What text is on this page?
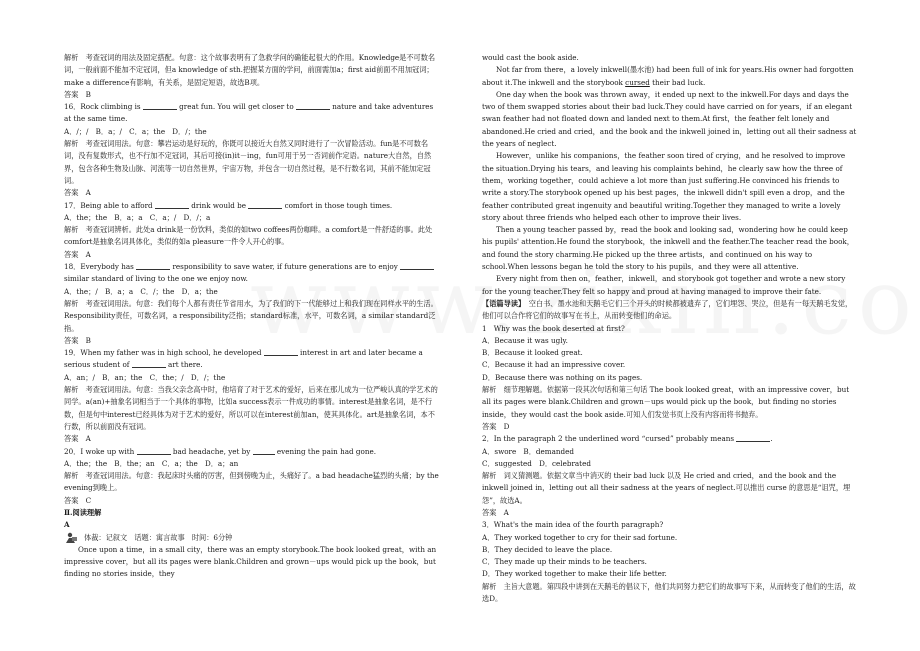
解析　考查冠词的用法及固定搭配。句意：这个故事表明有了急救学问的确能起很大的作用。Knowledge是不可数名词，一般前面不能加不定冠词，但a knowledge of sth.把握某方面的学问，前面需加a；first aid前面不用加冠词；make a difference有影响，有关系，是固定短语，故选B项。

答案　B

16．Rock climbing is	great fun. You will get closer to	nature and take adventures at the same time.

A．/；/　B．a；/　C．a；the　D．/；the

解析　考查冠词用法。句意：攀岩运动是好玩的，你既可以接近大自然又同时进行了一次冒险活动。fun是不可数名词，没有复数形式，也不行加不定冠词，其后可接(in)it－ing，fun可用于另一否词前作定语。nature大自然，自然界，包含各种生物及山脉、河流等一切自然世界，宇宙万物，并包含一切自然过程，是不行数名词，其前不能加定冠词。

答案　A

17．Being able to afford	drink would be	comfort in those tough times.

A．the；the　B．a；a　C．a；/　D．/；a

解析　考查冠词辨析。此处a drink是一份饮料，类似的如two coffees两份咖啡。a comfort是一件舒适的事。此处comfort是抽象名词具体化，类似的如a pleasure一件令人开心的事。

答案　A

18．Everybody has	responsibility to save water, if future generations are to enjoy  similar standard of living to the one we enjoy now.

A．the；/　B．a；a　C．/；the　D．a；the

解析　考查冠词用法。句意：我们每个人都有责任节省用水，为了我们的下一代能够过上和我们现在同样水平的生活。Responsibility责任，可数名词，a responsibility泛指；standard标准，水平，可数名词，a similar standard泛指。

答案　B

19．When my father was in high school, he developed	interest in art and later became a serious student of	art there.

A．an；/　B．an；the　C．the；/　D．/；the

解析　考查冠词用法。句意：当我父亲念高中时，他培育了对于艺术的爱好，后来在那儿成为一位严峻认真的学艺术的同学。a(an)+抽象名词相当于一个具体的事物，比如a success表示一件成功的事情。interest是抽象名词，是不行数，但是句中interest已经具体为对于艺术的爱好，所以可以在interest前加an，使其具体化。art是抽象名词，本不行数，所以前面没有冠词。

答案　A

20．I woke up with	bad headache, yet by	evening the pain had gone.

A．the；the　B．the；an　C．a；the　D．a；an

解析　考查冠词用法。句意：我起床时头痛的厉害，但到傍晚为止，头痛好了。a bad headache猛烈的头痛；by the evening到晚上。

答案　C

Ⅱ.阅读理解

A

体裁：记叙文　话题：寓言故事　时间：6分钟

Once upon a time，in a small city，there was an empty storybook.The book looked great，with an impressive cover，but all its pages were blank.Children and grown－ups would pick up the book，but finding no stories inside，they

would cast the book aside.

Not far from there，a lovely inkwell(墨水池) had been full of ink for years.His owner had forgotten about it.The inkwell and the storybook cursed their bad luck.

One day when the book was thrown away，it ended up next to the inkwell.For days and days the two of them swapped stories about their bad luck.They could have carried on for years，if an elegant swan feather had not floated down and landed next to them.At first，the feather felt lonely and abandoned.He cried and cried，and the book and the inkwell joined in，letting out all their sadness at the years of neglect.

However，unlike his companions，the feather soon tired of crying，and he resolved to improve the situation.Drying his tears，and leaving his complaints behind，he clearly saw how the three of them，working together，could achieve a lot more than just suffering.He convinced his friends to write a story.The storybook opened up his best pages，the inkwell didn't spill even a drop，and the feather contributed great ingenuity and beautiful writing.Together they managed to write a lovely story about three friends who helped each other to improve their lives.

Then a young teacher passed by，read the book and looking sad，wondering how he could keep his pupils' attention.He found the storybook，the inkwell and the feather.The teacher read the book，and found the story charming.He picked up the three artists，and continued on his way to school.When lessons began he told the story to his pupils，and they were all attentive.

Every night from then on，feather，inkwell，and storybook got together and wrote a new story for the young teacher.They felt so happy and proud at having managed to improve their fate.

【语篇导读】　空白书、墨水池和天鹅毛它们三个开头的时候都被遗弃了，它们埋怨、哭泣，但是有一每天鹅毛发觉，他们可以合作将它们的故事写在书上，从而转变他们的命运。

1　Why was the book deserted at first?

A．Because it was ugly.

B．Because it looked great.

C．Because it had an impressive cover.

D．Because there was nothing on its pages.

解析　细节理解题。依据第一段其次句话和第三句话 The book looked great，with an impressive cover，but all its pages were blank.Children and grown－ups would pick up the book，but finding no stories inside，they would cast the book aside.可知人们发觉书页上没有内容而将书抛弃。

答案　D

2．In the paragraph 2 the underlined word “cursed” probably means	.

A．swore　B．demanded

C．suggested　D．celebrated

解析　词义猜测题。依据文章当中消灭的 their bad luck 以及 He cried and cried，and the book and the inkwell joined in，letting out all their sadness at the years of neglect.可以推出 curse 的意思是“诅咒，埋怨”，故选A。

答案　A

3．What's the main idea of the fourth paragraph?

A．They worked together to cry for their sad fortune.

B．They decided to leave the place.

C．They made up their minds to be teachers.

D．They worked together to make their life better.

解析　主旨大意题。第四段中讲到在天鹅毛的倡议下，他们共同努力把它们的故事写下来，从而转变了他们的生活，故选D。
